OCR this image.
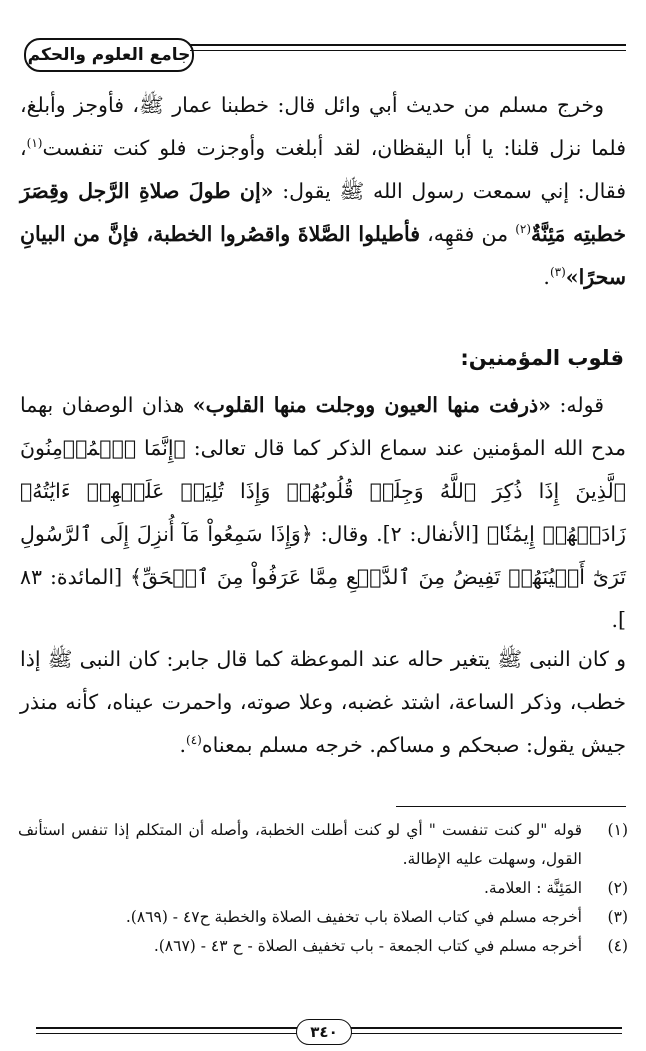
جامع العلوم والحكم
وخرج مسلم من حديث أبي وائل قال: خطبنا عمار ﷺ، فأوجز وأبلغ، فلما نزل قلنا: يا أبا اليقظان، لقد أبلغت وأوجزت فلو كنت تنفست$^{(١)}$، فقال: إني سمعت رسول الله ﷺ يقول: «إن طولَ صلاةِ الرَّجل وقِصَرَ خطبتِه مَئِنَّةٌ$^{(٢)}$ من فقهِه، فأطيلوا الصَّلاةَ واقصُروا الخطبة، فإنَّ من البيانِ سحرًا»$^{(٣)}$.
قلوب المؤمنين:
قوله: «ذرفت منها العيون ووجلت منها القلوب» هذان الوصفان بهما مدح الله المؤمنين عند سماع الذكر كما قال تعالى: ﴿إِنَّمَا ٱلۡمُؤۡمِنُونَ ٱلَّذِينَ إِذَا ذُكِرَ ٱللَّهُ وَجِلَتۡ قُلُوبُهُمۡ وَإِذَا تُلِيَتۡ عَلَيۡهِمۡ ءَايَٰتُهُۥ زَادَتۡهُمۡ إِيمَٰنٗا﴾ [الأنفال: ٢]. وقال: ﴿وَإِذَا سَمِعُواْ مَآ أُنزِلَ إِلَى ٱلرَّسُولِ تَرَىٰٓ أَعۡيُنَهُمۡ تَفِيضُ مِنَ ٱلدَّمۡعِ مِمَّا عَرَفُواْ مِنَ ٱلۡحَقِّ﴾ [المائدة: ٨٣ ].
و كان النبى ﷺ يتغير حاله عند الموعظة كما قال جابر: كان النبى ﷺ إذا خطب، وذكر الساعة، اشتد غضبه، وعلا صوته، واحمرت عيناه، كأنه منذر جيش يقول: صبحكم و مساكم. خرجه مسلم بمعناه$^{(٤)}$.
(١)
قوله "لو كنت تنفست " أي لو كنت أطلت الخطبة، وأصله أن المتكلم إذا تنفس استأنف القول، وسهلت عليه الإطالة.
(٢)
المَئِنَّة : العلامة.
(٣)
أخرجه مسلم في كتاب الصلاة باب تخفيف الصلاة والخطبة ح٤٧ - (٨٦٩).
(٤)
أخرجه مسلم في كتاب الجمعة - باب تخفيف الصلاة - ح ٤٣ - (٨٦٧).
٣٤٠
